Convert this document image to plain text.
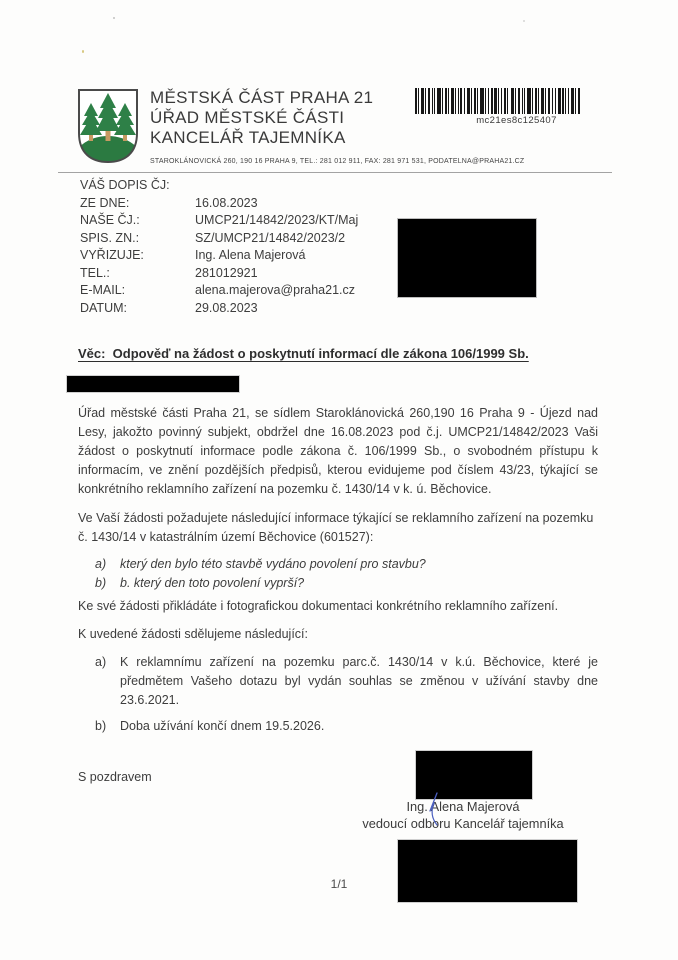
MĚSTSKÁ ČÁST PRAHA 21
ÚŘAD MĚSTSKÉ ČÁSTI
KANCELÁŘ TAJEMNÍKA
STAROKLÁNOVICKÁ 260, 190 16 PRAHA 9, TEL.: 281 012 911, FAX: 281 971 531, PODATELNA@PRAHA21.CZ
mc21es8c125407
VÁŠ DOPIS ČJ:
ZE DNE:	16.08.2023
NAŠE ČJ.:	UMCP21/14842/2023/KT/Maj
SPIS. ZN.:	SZ/UMCP21/14842/2023/2
VYŘIZUJE:	Ing. Alena Majerová
TEL.:	281012921
E-MAIL:	alena.majerova@praha21.cz
DATUM:	29.08.2023
Věc:  Odpověď na žádost o poskytnutí informací dle zákona 106/1999 Sb.
Úřad městské části Praha 21, se sídlem Staroklánovická 260,190 16 Praha 9 - Újezd nad Lesy, jakožto povinný subjekt, obdržel dne 16.08.2023 pod č.j. UMCP21/14842/2023 Vaši žádost o poskytnutí informace podle zákona č. 106/1999 Sb., o svobodném přístupu k informacím, ve znění pozdějších předpisů, kterou evidujeme pod číslem 43/23, týkající se konkrétního reklamního zařízení na pozemku č. 1430/14 v k. ú. Běchovice.
Ve Vaší žádosti požadujete následující informace týkající se reklamního zařízení na pozemku č. 1430/14 v katastrálním území Běchovice (601527):
a)	který den bylo této stavbě vydáno povolení pro stavbu?
b)	b. který den toto povolení vyprší?
Ke své žádosti přikládáte i fotografickou dokumentaci konkrétního reklamního zařízení.
K uvedené žádosti sdělujeme následující:
a)	K reklamnímu zařízení na pozemku parc.č. 1430/14 v k.ú. Běchovice, které je předmětem Vašeho dotazu byl vydán souhlas se změnou v užívání stavby dne 23.6.2021.
b)	Doba užívání končí dnem 19.5.2026.
S pozdravem
Ing. Alena Majerová
vedoucí odboru Kancelář tajemníka
1/1
